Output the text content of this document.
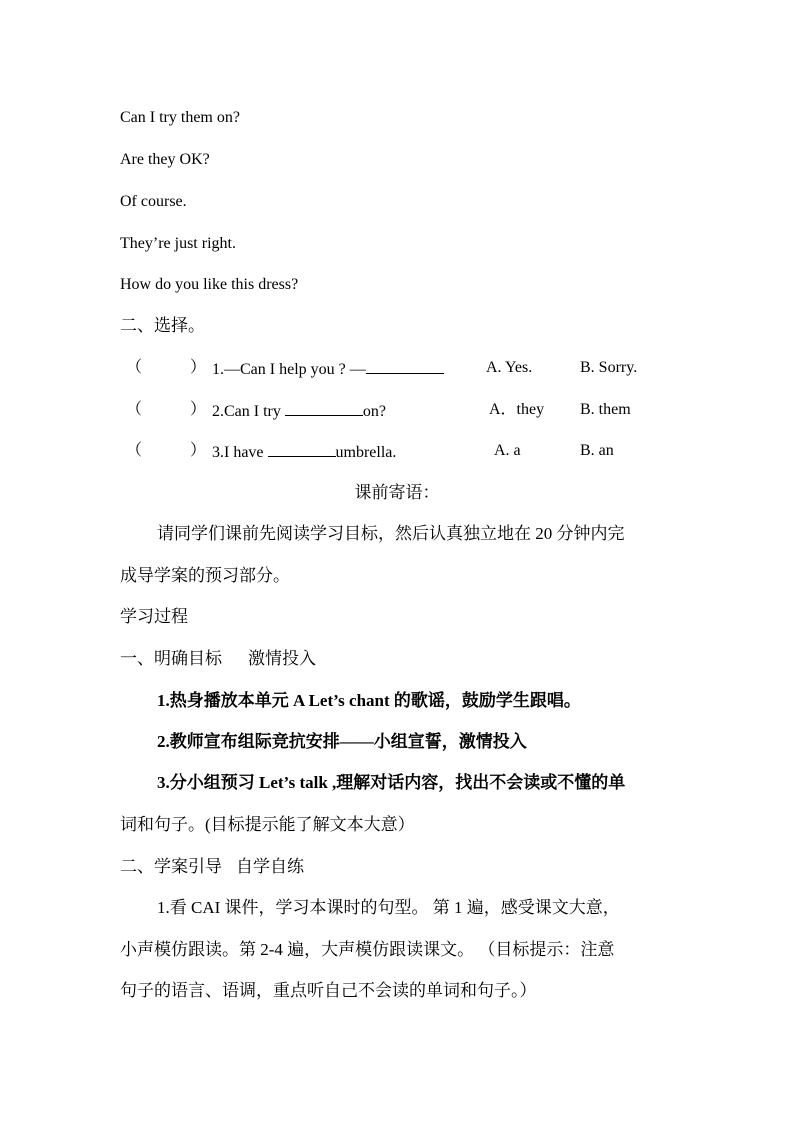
Can I try them on?
Are they OK?
Of course.
They’re just right.
How do you like this dress?
二、选择。
（	） 1.—Can I help you ? —	A. Yes.	B. Sorry.
（	） 2.Can I try	on?	A．they B. them
（	） 3.I have	umbrella.	A. a	B. an
课前寄语：
请同学们课前先阅读学习目标，然后认真独立地在 20 分钟内完
成导学案的预习部分。
学习过程
一、明确目标 激情投入
1.热身播放本单元 A Let’s chant 的歌谣，鼓励学生跟唱。
2.教师宣布组际竞抗安排——小组宣誓，激情投入
3.分小组预习 Let’s talk ,理解对话内容，找出不会读或不懂的单
词和句子。(目标提示能了解文本大意）
二、学案引导 自学自练
1.看 CAI 课件，学习本课时的句型。 第 1 遍，感受课文大意，
小声模仿跟读。第 2-4 遍，大声模仿跟读课文。 （目标提示：注意
句子的语言、语调，重点听自己不会读的单词和句子。）
